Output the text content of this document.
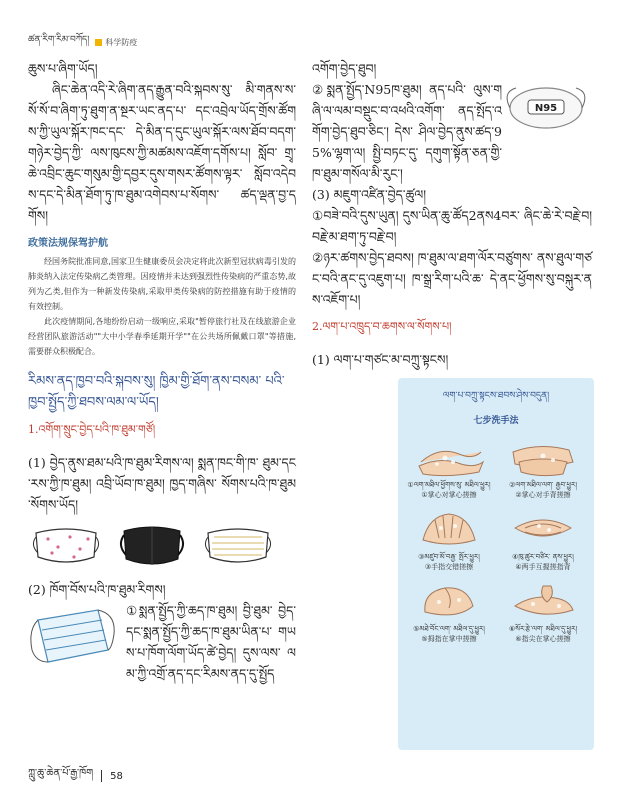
ཚན་རིག་རིམ་བཀོད། 科学防疫

ཆུས་པ་ཞིག་ཡོད།

ཞིང་ཆེན་འདི་རེ་ཞིག་ནད་རྒྱུན་བའི་སྐབས་སུ་ མི་གནས་ས་སོ་སོ་བ་ཞིག་ཏུ་ཐུག་ན་སྔར་ཡང་ནད་པ་ དང་འབྲེལ་ཡོད་གྲོས་ཚོགས་ཀྱི་ཡུལ་སྐོར་ཁང་དང་ དེ་མིན་ད་དུང་ཡུལ་སྐོར་ལས་ཐོབ་བདག་གཉེར་བྱེད་ཀྱི་ ལས་ཁུངས་ཀྱི་མཚམས་འཇོག་དགོས་པ། སློབ་ གྲྭ་ཆེ་འབྲིང་ཆུང་གསུམ་གྱི་དབྱར་དུས་གསར་ཚོགས་ལྟར་ སློབ་འདེབས་དང་དེ་མིན་ཐོག་ཏུ་ཁ་ཐུམ་འགེབས་པ་སོགས་ ཚད་ལྡན་བྱ་དགོས།

政策法规保驾护航

经国务院批准同意,国家卫生健康委员会决定将此次新型冠状病毒引发的肺炎纳入法定传染病乙类管理。因疫情并未达到强烈性传染病的严重态势,故列为乙类,但作为一种新发传染病,采取甲类传染病的防控措施有助于疫情的有效控制。

此次疫情期间,各地纷纷启动一级响应,采取"暂停旅行社及在线旅游企业经营团队旅游活动""大中小学春季延期开学""在公共场所佩戴口罩"等措施,需要群众积极配合。

རིམས་ནད་ཁྱབ་བའི་སྐབས་སུ། ཁྱིམ་གྱི་ཐོག་ནས་བསམ་ པའི་ཁྱབ་སྤྱོད་ཀྱི་ཐབས་ལམ་ལ་ཡོད།

1.འགོག་སྲུང་བྱེད་པའི་ཁ་ཐུམ་གཙོ།

(1) བྱེད་ནུས་ཐམ་པའི་ཁ་ཐུམ་རིགས་ལ། སྨན་ཁང་གི་ཁ་ ཐུམ་དང་རས་ཀྱི་ཁ་ཐུམ། འབྲི་ཡོབ་ཁ་ཐུམ། ཁྱད་གཞིས་ སོགས་པའི་ཁ་ཐུམ་སོགས་ཡོད།

(2) ཁོག་བོས་པའི་ཁ་ཐུམ་རིགས།

①སྨན་སྤྱོད་ཀྱི་ཆད་ཁ་ཐུམ། བྱི་ཐུམ་ བྱེད་དང་སྨན་སྤྱོད་ཀྱི་ཆད་ཁ་ཐུམ་ཡིན་པ་ གཡས་པ་ཁོག་ལོག་ཡོད་ཚེ་བྱེད། དུས་ལས་ ལམ་ཀྱི་འགྲོ་ནད་དང་རིམས་ནད་དུ་སྤྱོད

འགོག་བྱེད་ཐུབ།

②སྨན་སྤྱོད་N95ཁ་ཐུམ། ནད་པའི་ ལུས་གཞི་ལ་ལམ་བསྡུང་བ་འཕའི་འགོག་ ནད་སྤོད་འགོག་བྱེད་ཐུབ་ཅིང་། དེས་ ཤིལ་བྱེད་ནུས་ཚད་95%་ལྷག་ལ། སྤྱི་བཏང་དུ་ དགུག་སྟོན་ཅན་གྱི་ཁ་ཐུམ་གསོལ་མི་རུང་།

(3) མཇུག་འཛིན་བྱེད་ཚུལ།

①བཟེ་བའི་དུས་ཡུན། དུས་ཡིན་ཆུ་ཚོད2ནས4བར་ ཞིང་ཆེ་རེ་བརྗེ་བ། བརྗེ་མ་ཐག་ཏུ་བརྗེ་བ།

②ཉར་ཚགས་བྱེད་ཐབས། ཁ་ཐུམ་ལ་ཐག་ལོར་བཙུགས་ ནས་ཐུལ་གཙང་བའི་ནང་དུ་འཇུག་པ། ཁ་སྒྲ་རིག་པའི་ཆ་ དེ་ནང་ཕྱོགས་སུ་བསྐུར་ནས་འཇོག་པ།

2.ལག་པ་འཁྲུད་བ་ཆགས་ལ་སོགས་པ།

(1) ལག་པ་གཙང་མ་བཀྲུ་སྟངས།

N95
ལག་པ་བཀྲུ་སྟངས་ཐབས་ཤེས་བདུན།
七步洗手法
①ལག་མཐིལ་ཕྱོགས་སུ་ མཐིལ་ཕྱུར།
①掌心对掌心搓擦
②ལག་མཐིལ་ལག་ རྒྱབ་ཕྱུར།
②掌心对手背搓擦
③མཛུབ་མོ་བརྒྱ་ སྤོར་ཕྱུར།
③手指交错搓擦
④ཁུ་ཚུར་བཙིར་ ནས་ཕྱུར།
④两手互握搓指背
⑤མཐེ་བོང་ལག་ མཐིལ་དུ་ཕྱུར།
⑤拇指在掌中搓擦
⑥སོར་རྩེ་ལག་ མཐིལ་དུ་ཕྱུར།
⑥指尖在掌心搓擦
ཀླུ་ཆུ་ཆེན་པོ་རྒྱ་ཁོག 58
